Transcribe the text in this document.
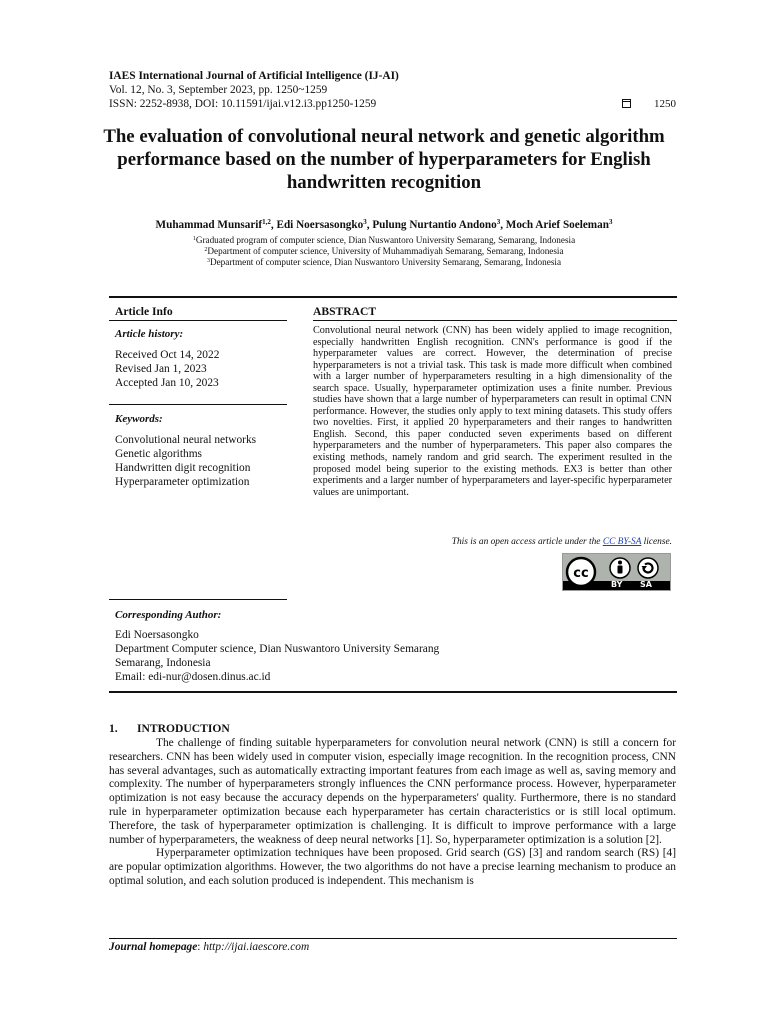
IAES International Journal of Artificial Intelligence (IJ-AI)
Vol. 12, No. 3, September 2023, pp. 1250~1259
ISSN: 2252-8938, DOI: 10.11591/ijai.v12.i3.pp1250-1259	1250
The evaluation of convolutional neural network and genetic algorithm performance based on the number of hyperparameters for English handwritten recognition
Muhammad Munsarif$^{1,2}$, Edi Noersasongko$^3$, Pulung Nurtantio Andono$^3$, Moch Arief Soeleman$^3$
$^1$Graduated program of computer science, Dian Nuswantoro University Semarang, Semarang, Indonesia
$^2$Department of computer science, University of Muhammadiyah Semarang, Semarang, Indonesia
$^3$Department of computer science, Dian Nuswantoro University Semarang, Semarang, Indonesia
Article Info
Article history:
Received Oct 14, 2022
Revised Jan 1, 2023
Accepted Jan 10, 2023
Keywords:
Convolutional neural networks
Genetic algorithms
Handwritten digit recognition
Hyperparameter optimization
ABSTRACT
Convolutional neural network (CNN) has been widely applied to image recognition, especially handwritten English recognition. CNN's performance is good if the hyperparameter values are correct. However, the determination of precise hyperparameters is not a trivial task. This task is made more difficult when combined with a larger number of hyperparameters resulting in a high dimensionality of the search space. Usually, hyperparameter optimization uses a finite number. Previous studies have shown that a large number of hyperparameters can result in optimal CNN performance. However, the studies only apply to text mining datasets. This study offers two novelties. First, it applied 20 hyperparameters and their ranges to handwritten English. Second, this paper conducted seven experiments based on different hyperparameters and the number of hyperparameters. This paper also compares the existing methods, namely random and grid search. The experiment resulted in the proposed model being superior to the existing methods. EX3 is better than other experiments and a larger number of hyperparameters and layer-specific hyperparameter values are unimportant.
This is an open access article under the CC BY-SA license.
cc
BY SA
Corresponding Author:
Edi Noersasongko
Department Computer science, Dian Nuswantoro University Semarang
Semarang, Indonesia
Email: edi-nur@dosen.dinus.ac.id
1. INTRODUCTION

The challenge of finding suitable hyperparameters for convolution neural network (CNN) is still a concern for researchers. CNN has been widely used in computer vision, especially image recognition. In the recognition process, CNN has several advantages, such as automatically extracting important features from each image as well as, saving memory and complexity. The number of hyperparameters strongly influences the CNN performance process. However, hyperparameter optimization is not easy because the accuracy depends on the hyperparameters' quality. Furthermore, there is no standard rule in hyperparameter optimization because each hyperparameter has certain characteristics or is still local optimum. Therefore, the task of hyperparameter optimization is challenging. It is difficult to improve performance with a large number of hyperparameters, the weakness of deep neural networks [1]. So, hyperparameter optimization is a solution [2].

Hyperparameter optimization techniques have been proposed. Grid search (GS) [3] and random search (RS) [4] are popular optimization algorithms. However, the two algorithms do not have a precise learning mechanism to produce an optimal solution, and each solution produced is independent. This mechanism is

Journal homepage: http://ijai.iaescore.com
